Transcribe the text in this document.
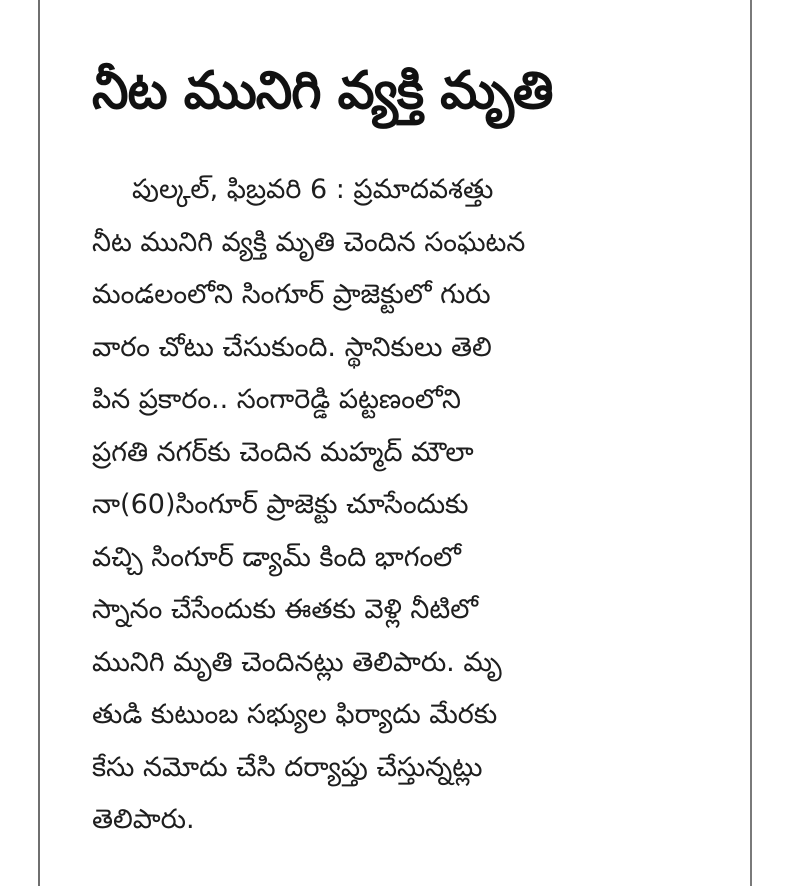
నీట మునిగి వ్యక్తి మృతి
పుల్కల్, ఫిబ్రవరి 6 : ప్రమాదవశత్తు
నీట మునిగి వ్యక్తి మృతి చెందిన సంఘటన
మండలంలోని సింగూర్ ప్రాజెక్టులో గురు
వారం చోటు చేసుకుంది. స్థానికులు తెలి
పిన ప్రకారం.. సంగారెడ్డి పట్టణంలోని
ప్రగతి నగర్‌కు చెందిన మహ్మద్ మౌలా
నా(60)సింగూర్ ప్రాజెక్టు చూసేందుకు
వచ్చి సింగూర్ డ్యామ్ కింది భాగంలో
స్నానం చేసేందుకు ఈతకు వెళ్లి నీటిలో
మునిగి మృతి చెందినట్లు తెలిపారు. మృ
తుడి కుటుంబ సభ్యుల ఫిర్యాదు మేరకు
కేసు నమోదు చేసి దర్యాప్తు చేస్తున్నట్లు
తెలిపారు.
